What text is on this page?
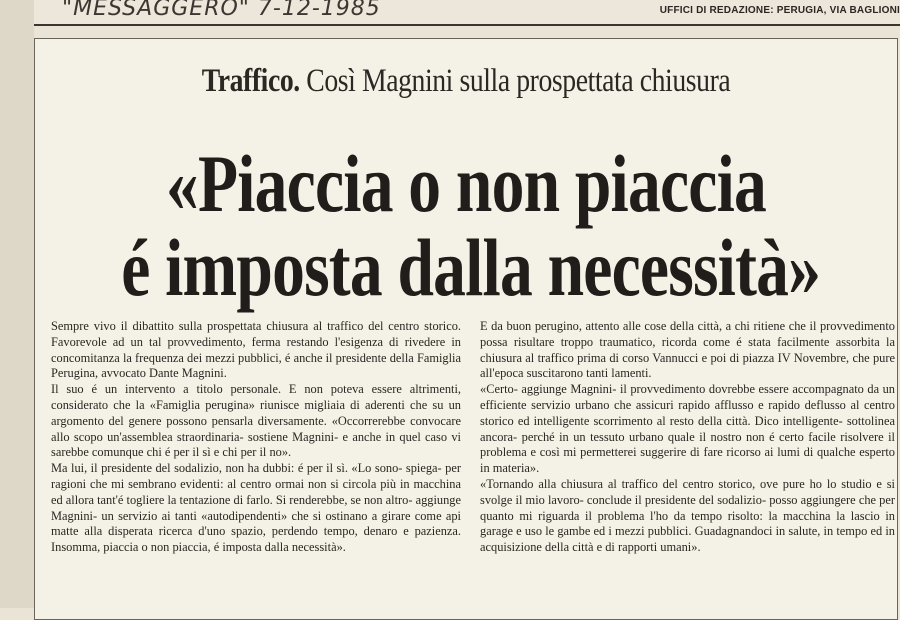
"MESSAGGERO" 7-12-1985	UFFICI DI REDAZIONE: PERUGIA, VIA BAGLIONI
Traffico. Così Magnini sulla prospettata chiusura
«Piaccia o non piaccia
é imposta dalla necessità»

Sempre vivo il dibattito sulla prospettata chiusura al traffico del centro storico. Favorevole ad un tal provvedimento, ferma restando l'esigenza di rivedere in concomitanza la frequenza dei mezzi pubblici, é anche il presidente della Famiglia Perugina, avvocato Dante Magnini.

Il suo é un intervento a titolo personale. E non poteva essere altrimenti, considerato che la «Famiglia perugina» riunisce migliaia di aderenti che su un argomento del genere possono pensarla diversamente. «Occorrerebbe convocare allo scopo un'assemblea straordinaria- sostiene Magnini- e anche in quel caso vi sarebbe comunque chi é per il sì e chi per il no».

Ma lui, il presidente del sodalizio, non ha dubbi: é per il sì. «Lo sono- spiega- per ragioni che mi sembrano evidenti: al centro ormai non si circola più in macchina ed allora tant'é togliere la tentazione di farlo. Si renderebbe, se non altro- aggiunge Magnini- un servizio ai tanti «autodipendenti» che si ostinano a girare come api matte alla disperata ricerca d'uno spazio, perdendo tempo, denaro e pazienza. Insomma, piaccia o non piaccia, é imposta dalla necessità».

E da buon perugino, attento alle cose della città, a chi ritiene che il provvedimento possa risultare troppo traumatico, ricorda come é stata facilmente assorbita la chiusura al traffico prima di corso Vannucci e poi di piazza IV Novembre, che pure all'epoca suscitarono tanti lamenti.

«Certo- aggiunge Magnini- il provvedimento dovrebbe essere accompagnato da un efficiente servizio urbano che assicuri rapido afflusso e rapido deflusso al centro storico ed intelligente scorrimento al resto della città. Dico intelligente- sottolinea ancora- perché in un tessuto urbano quale il nostro non é certo facile risolvere il problema e così mi permetterei suggerire di fare ricorso ai lumi di qualche esperto in materia».

«Tornando alla chiusura al traffico del centro storico, ove pure ho lo studio e si svolge il mio lavoro- conclude il presidente del sodalizio- posso aggiungere che per quanto mi riguarda il problema l'ho da tempo risolto: la macchina la lascio in garage e uso le gambe ed i mezzi pubblici. Guadagnandoci in salute, in tempo ed in acquisizione della città e di rapporti umani».
